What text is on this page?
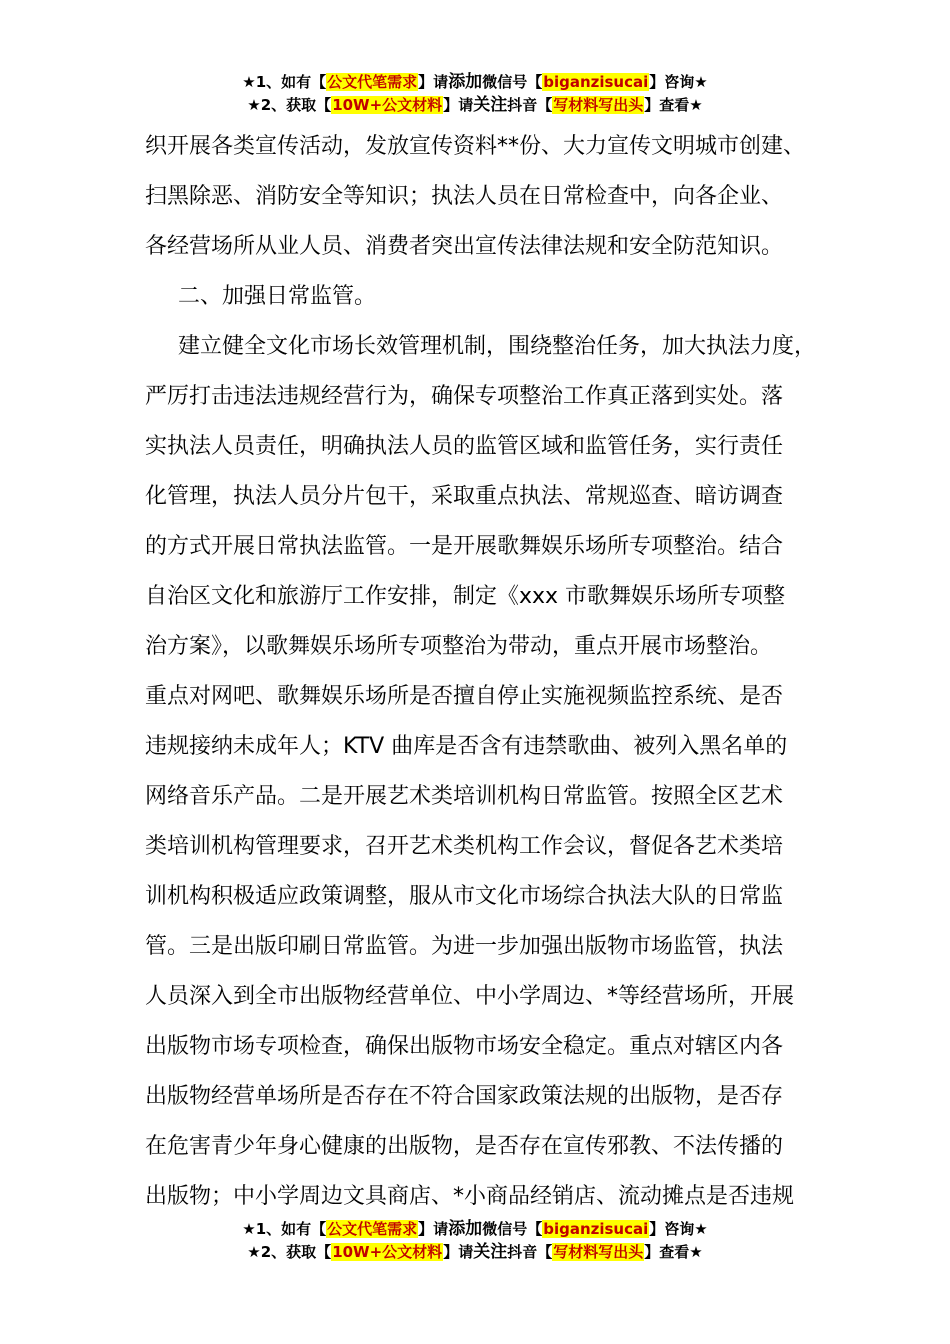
★1、如有【公文代笔需求】请添加微信号【biganzisucai】咨询★
★2、获取【10W+公文材料】请关注抖音【写材料写出头】查看★

织开展各类宣传活动，发放宣传资料**份、大力宣传文明城市创建、
扫黑除恶、消防安全等知识；执法人员在日常检查中，向各企业、
各经营场所从业人员、消费者突出宣传法律法规和安全防范知识。

二、加强日常监管。

建立健全文化市场长效管理机制，围绕整治任务，加大执法力度，
严厉打击违法违规经营行为，确保专项整治工作真正落到实处。落
实执法人员责任，明确执法人员的监管区域和监管任务，实行责任
化管理，执法人员分片包干，采取重点执法、常规巡查、暗访调查
的方式开展日常执法监管。一是开展歌舞娱乐场所专项整治。结合
自治区文化和旅游厅工作安排，制定《xxx 市歌舞娱乐场所专项整
治方案》，以歌舞娱乐场所专项整治为带动，重点开展市场整治。
重点对网吧、歌舞娱乐场所是否擅自停止实施视频监控系统、是否
违规接纳未成年人；KTV 曲库是否含有违禁歌曲、被列入黑名单的
网络音乐产品。二是开展艺术类培训机构日常监管。按照全区艺术
类培训机构管理要求，召开艺术类机构工作会议，督促各艺术类培
训机构积极适应政策调整，服从市文化市场综合执法大队的日常监
管。三是出版印刷日常监管。为进一步加强出版物市场监管，执法
人员深入到全市出版物经营单位、中小学周边、*等经营场所，开展
出版物市场专项检查，确保出版物市场安全稳定。重点对辖区内各
出版物经营单场所是否存在不符合国家政策法规的出版物，是否存
在危害青少年身心健康的出版物，是否存在宣传邪教、不法传播的
出版物；中小学周边文具商店、*小商品经销店、流动摊点是否违规

★1、如有【公文代笔需求】请添加微信号【biganzisucai】咨询★
★2、获取【10W+公文材料】请关注抖音【写材料写出头】查看★
